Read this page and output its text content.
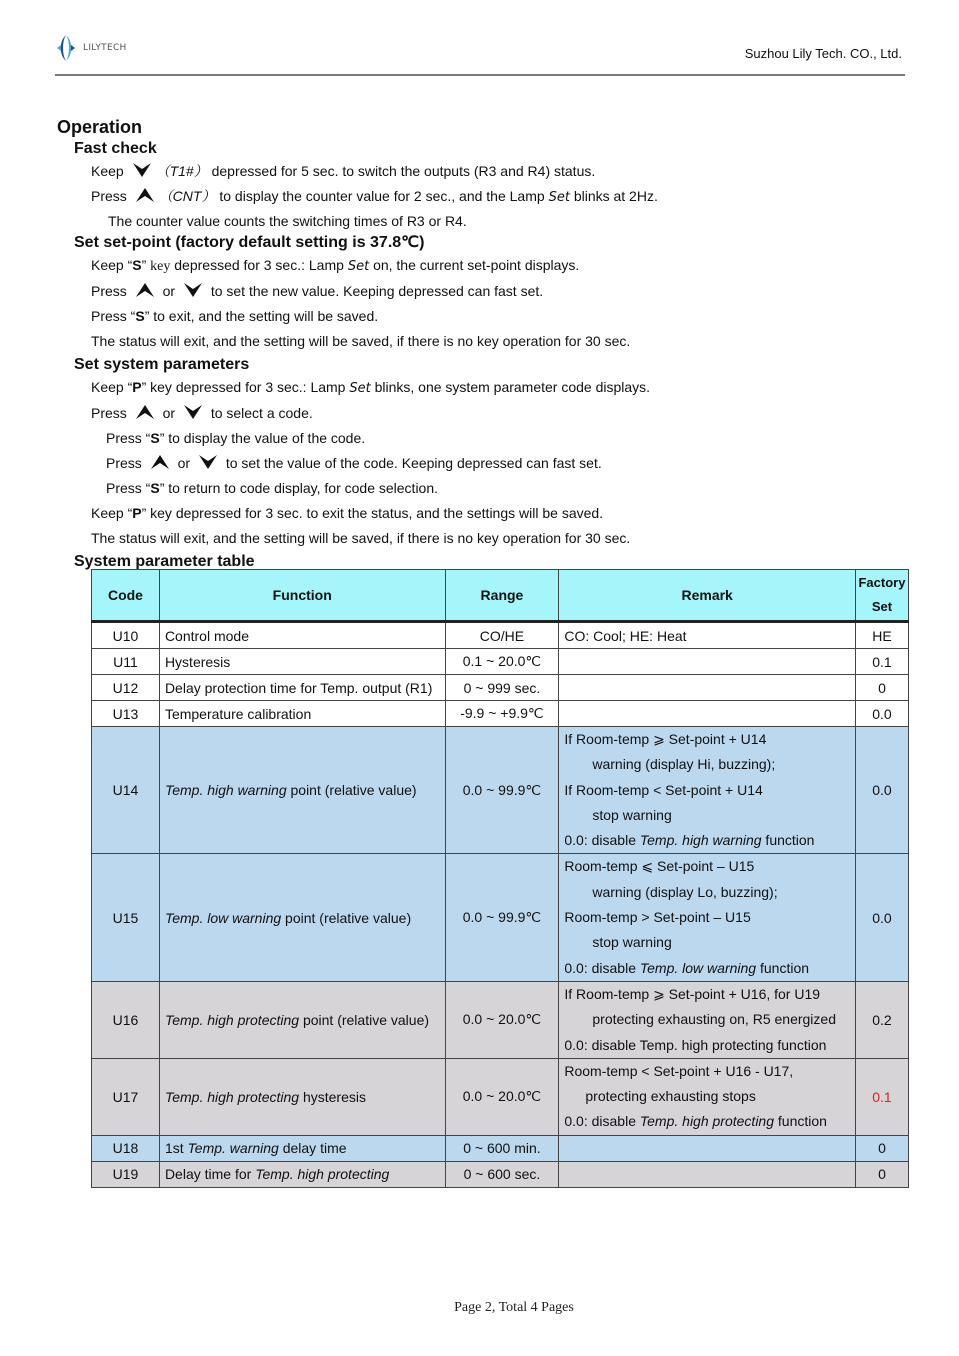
LILYTECH	Suzhou Lily Tech. CO., Ltd.
Operation
Fast check
Keep （T1#） depressed for 5 sec. to switch the outputs (R3 and R4) status.
Press （CNT） to display the counter value for 2 sec., and the Lamp Set blinks at 2Hz.
The counter value counts the switching times of R3 or R4.
Set set-point (factory default setting is 37.8℃)
Keep “S” key depressed for 3 sec.: Lamp Set on, the current set-point displays.
Press	or	to set the new value. Keeping depressed can fast set.
Press “S” to exit, and the setting will be saved.
The status will exit, and the setting will be saved, if there is no key operation for 30 sec.
Set system parameters
Keep “P” key depressed for 3 sec.: Lamp Set blinks, one system parameter code displays.
Press	or	to select a code.
Press “S” to display the value of the code.
Press	or	to set the value of the code. Keeping depressed can fast set.
Press “S” to return to code display, for code selection.
Keep “P” key depressed for 3 sec. to exit the status, and the settings will be saved.
The status will exit, and the setting will be saved, if there is no key operation for 30 sec.
System parameter table
Code	Function	Range	Remark	Factory
Set

U10	Control mode	CO/HE	CO: Cool; HE: Heat	HE
U11	Hysteresis	0.1 ~ 20.0℃		0.1
U12	Delay protection time for Temp. output (R1)	0 ~ 999 sec.		0
U13	Temperature calibration	-9.9 ~ +9.9℃		0.0
U14	Temp. high warning point (relative value)	0.0 ~ 99.9℃	If Room-temp ⩾ Set-point + U14
warning (display Hi, buzzing);
If Room-temp < Set-point + U14
stop warning
0.0: disable Temp. high warning function	0.0
U15	Temp. low warning point (relative value)	0.0 ~ 99.9℃	Room-temp ⩽ Set-point – U15
warning (display Lo, buzzing);
Room-temp > Set-point – U15
stop warning
0.0: disable Temp. low warning function	0.0
U16	Temp. high protecting point (relative value)	0.0 ~ 20.0℃	If Room-temp ⩾ Set-point + U16, for U19
protecting exhausting on, R5 energized
0.0: disable Temp. high protecting function	0.2
U17	Temp. high protecting hysteresis	0.0 ~ 20.0℃	Room-temp < Set-point + U16 - U17,
protecting exhausting stops
0.0: disable Temp. high protecting function	0.1
U18	1st Temp. warning delay time	0 ~ 600 min.		0
U19	Delay time for Temp. high protecting	0 ~ 600 sec.		0
Page 2, Total 4 Pages
